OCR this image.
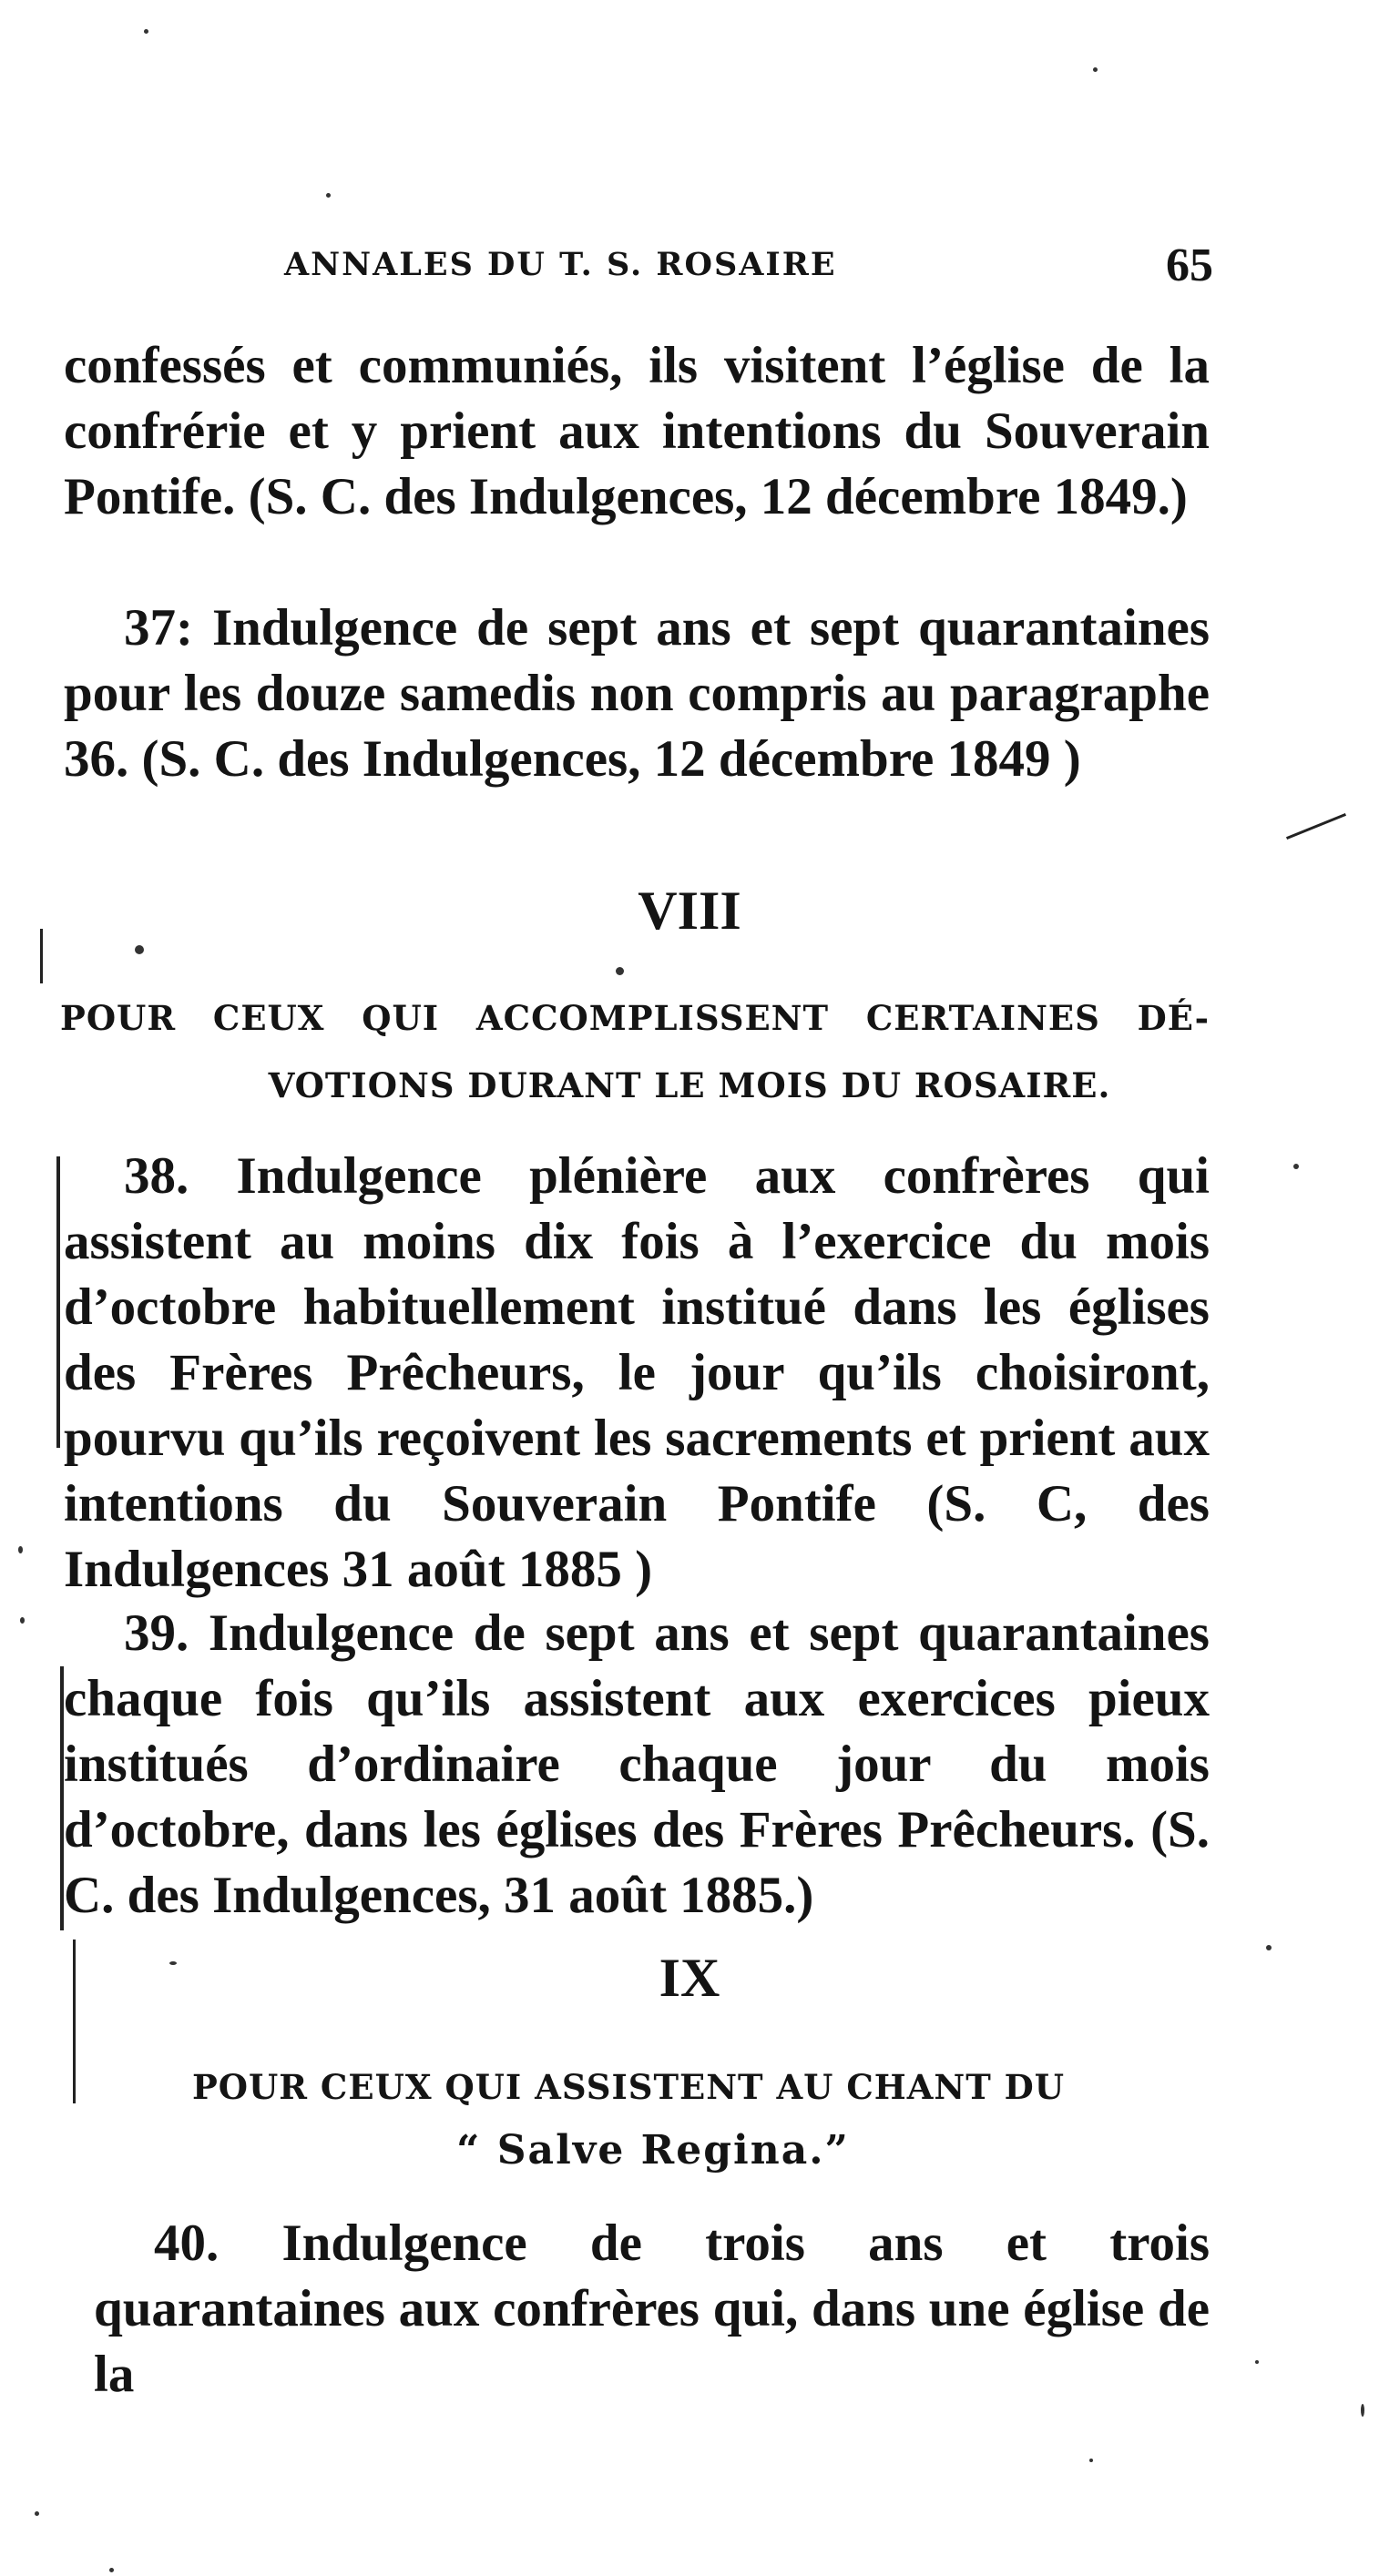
ANNALES DU T. S. ROSAIRE	65
confessés et communiés, ils visitent l’église de la confrérie et y prient aux intentions du Souverain Pontife. (S. C. des Indulgences, 12 décembre 1849.)
37: Indulgence de sept ans et sept quarantaines pour les douze samedis non compris au paragraphe 36. (S. C. des Indulgences, 12 décembre 1849 )
VIII
POUR CEUX QUI ACCOMPLISSENT CERTAINES DÉ-
VOTIONS DURANT LE MOIS DU ROSAIRE.
38. Indulgence plénière aux confrères qui assistent au moins dix fois à l’exercice du mois d’octobre habituellement institué dans les églises des Frères Prêcheurs, le jour qu’ils choisiront, pourvu qu’ils reçoivent les sacrements et prient aux intentions du Souverain Pontife (S. C, des Indulgences 31 août 1885 )
39. Indulgence de sept ans et sept quarantaines chaque fois qu’ils assistent aux exercices pieux institués d’ordinaire chaque jour du mois d’octobre, dans les églises des Frères Prêcheurs. (S. C. des Indulgences, 31 août 1885.)
IX
POUR CEUX QUI ASSISTENT AU CHANT DU
“ Salve Regina.”
40. Indulgence de trois ans et trois quarantaines aux confrères qui, dans une église de la
